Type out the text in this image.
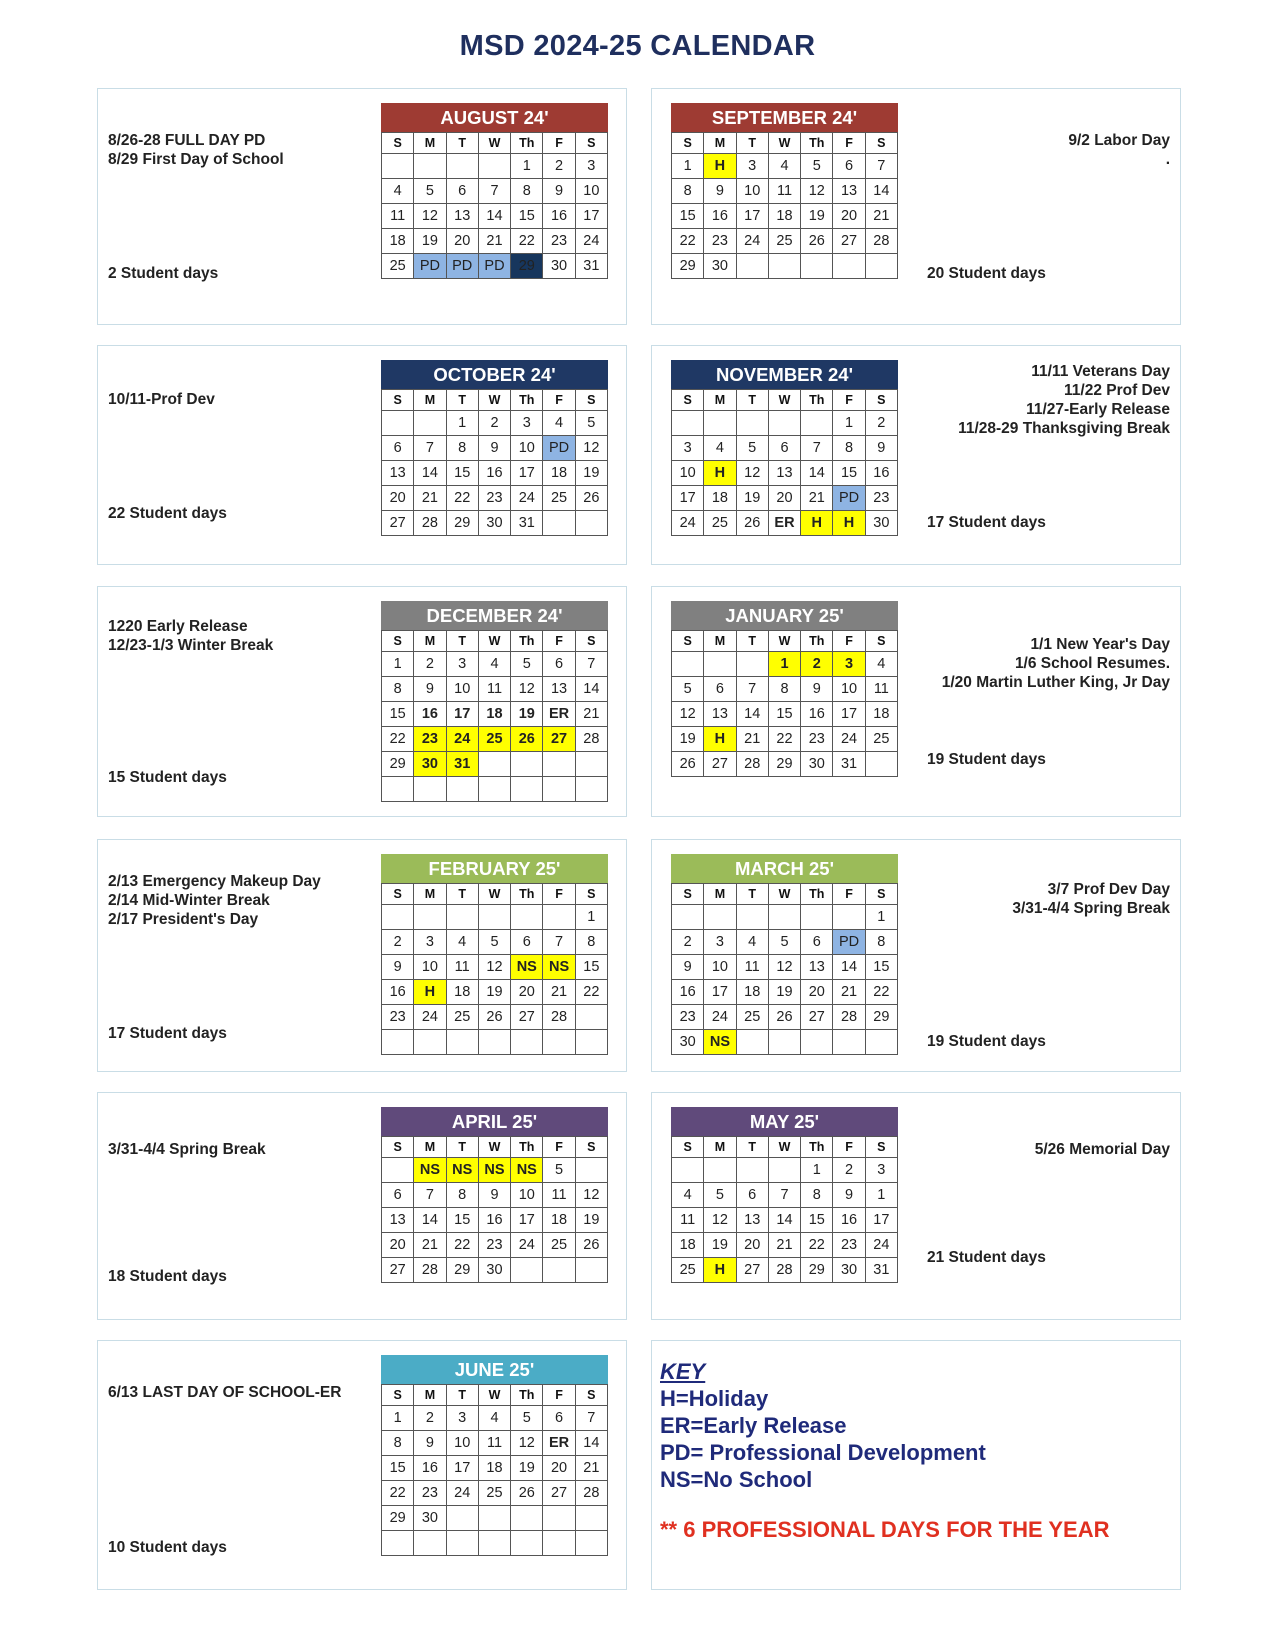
MSD 2024-25 CALENDAR
8/26-28 FULL DAY PD
8/29 First Day of School
2 Student days
AUGUST 24'
S	M	T	W	Th	F	S
				1	2	3
4	5	6	7	8	9	10
11	12	13	14	15	16	17
18	19	20	21	22	23	24
25	PD	PD	PD	29	30	31
9/2 Labor Day
.
20 Student days
SEPTEMBER 24'
S	M	T	W	Th	F	S
1	H	3	4	5	6	7
8	9	10	11	12	13	14
15	16	17	18	19	20	21
22	23	24	25	26	27	28
29	30					
10/11-Prof Dev
22 Student days
OCTOBER 24'
S	M	T	W	Th	F	S
		1	2	3	4	5
6	7	8	9	10	PD	12
13	14	15	16	17	18	19
20	21	22	23	24	25	26
27	28	29	30	31		
11/11 Veterans Day
11/22 Prof Dev
11/27-Early Release
11/28-29 Thanksgiving Break
17 Student days
NOVEMBER 24'
S	M	T	W	Th	F	S
					1	2
3	4	5	6	7	8	9
10	H	12	13	14	15	16
17	18	19	20	21	PD	23
24	25	26	ER	H	H	30
1220 Early Release
12/23-1/3 Winter Break
15 Student days
DECEMBER 24'
S	M	T	W	Th	F	S
1	2	3	4	5	6	7
8	9	10	11	12	13	14
15	16	17	18	19	ER	21
22	23	24	25	26	27	28
29	30	31				

1/1 New Year's Day
1/6 School Resumes.
1/20 Martin Luther King, Jr Day
19 Student days
JANUARY 25'
S	M	T	W	Th	F	S
			1	2	3	4
5	6	7	8	9	10	11
12	13	14	15	16	17	18
19	H	21	22	23	24	25
26	27	28	29	30	31	
2/13 Emergency Makeup Day
2/14 Mid-Winter Break
2/17 President's Day
17 Student days
FEBRUARY 25'
S	M	T	W	Th	F	S
						1
2	3	4	5	6	7	8
9	10	11	12	NS	NS	15
16	H	18	19	20	21	22
23	24	25	26	27	28	

3/7 Prof Dev Day
3/31-4/4 Spring Break
19 Student days
MARCH 25'
S	M	T	W	Th	F	S
						1
2	3	4	5	6	PD	8
9	10	11	12	13	14	15
16	17	18	19	20	21	22
23	24	25	26	27	28	29
30	NS					
3/31-4/4 Spring Break
18 Student days
APRIL 25'
S	M	T	W	Th	F	S
	NS	NS	NS	NS	5	
6	7	8	9	10	11	12
13	14	15	16	17	18	19
20	21	22	23	24	25	26
27	28	29	30			
5/26 Memorial Day
21 Student days
MAY 25'
S	M	T	W	Th	F	S
				1	2	3
4	5	6	7	8	9	1
11	12	13	14	15	16	17
18	19	20	21	22	23	24
25	H	27	28	29	30	31
6/13 LAST DAY OF SCHOOL-ER
10 Student days
JUNE 25'
S	M	T	W	Th	F	S
1	2	3	4	5	6	7
8	9	10	11	12	ER	14
15	16	17	18	19	20	21
22	23	24	25	26	27	28
29	30					

KEY
H=Holiday
ER=Early Release
PD= Professional Development
NS=No School
** 6 PROFESSIONAL DAYS FOR THE YEAR
